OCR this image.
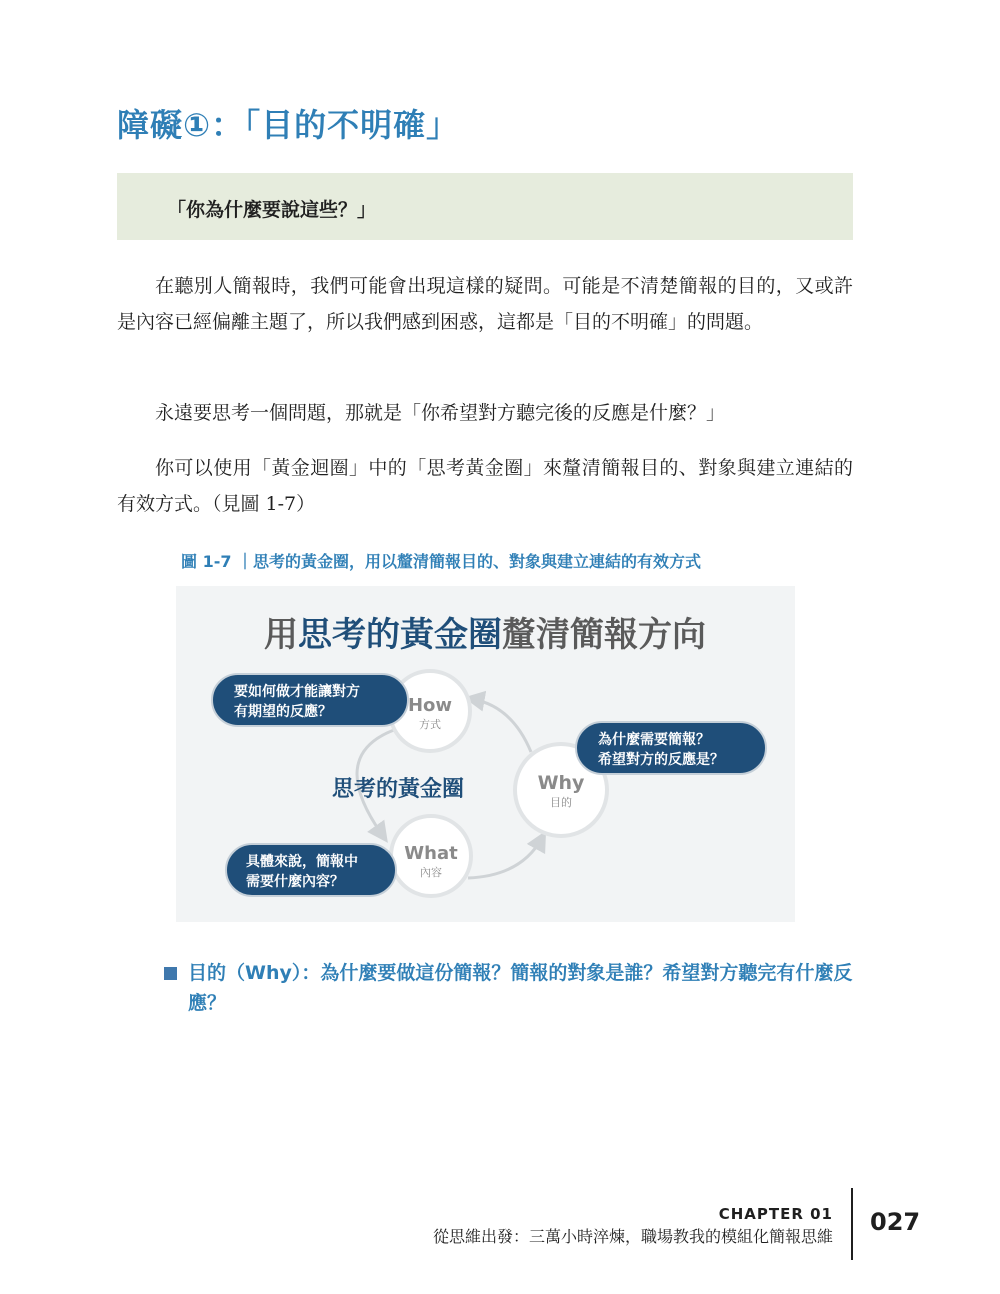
障礙①：「目的不明確」
「你為什麼要說這些？」
在聽別人簡報時，我們可能會出現這樣的疑問。可能是不清楚簡報的目的，又或許是內容已經偏離主題了，所以我們感到困惑，這都是「目的不明確」的問題。
永遠要思考一個問題，那就是「你希望對方聽完後的反應是什麼？」
你可以使用「黃金迴圈」中的「思考黃金圈」來釐清簡報目的、對象與建立連結的有效方式。（見圖 1-7）
圖 1-7 ｜思考的黃金圈，用以釐清簡報目的、對象與建立連結的有效方式
用思考的黃金圈釐清簡報方向
思考的黃金圈
How
方式
Why
目的
What
內容
要如何做才能讓對方
有期望的反應？
為什麼需要簡報？
希望對方的反應是？
具體來說，簡報中
需要什麼內容？
目的（Why）：為什麼要做這份簡報？簡報的對象是誰？希望對方聽完有什麼反應？
CHAPTER 01
從思維出發：三萬小時淬煉，職場教我的模組化簡報思維
027
